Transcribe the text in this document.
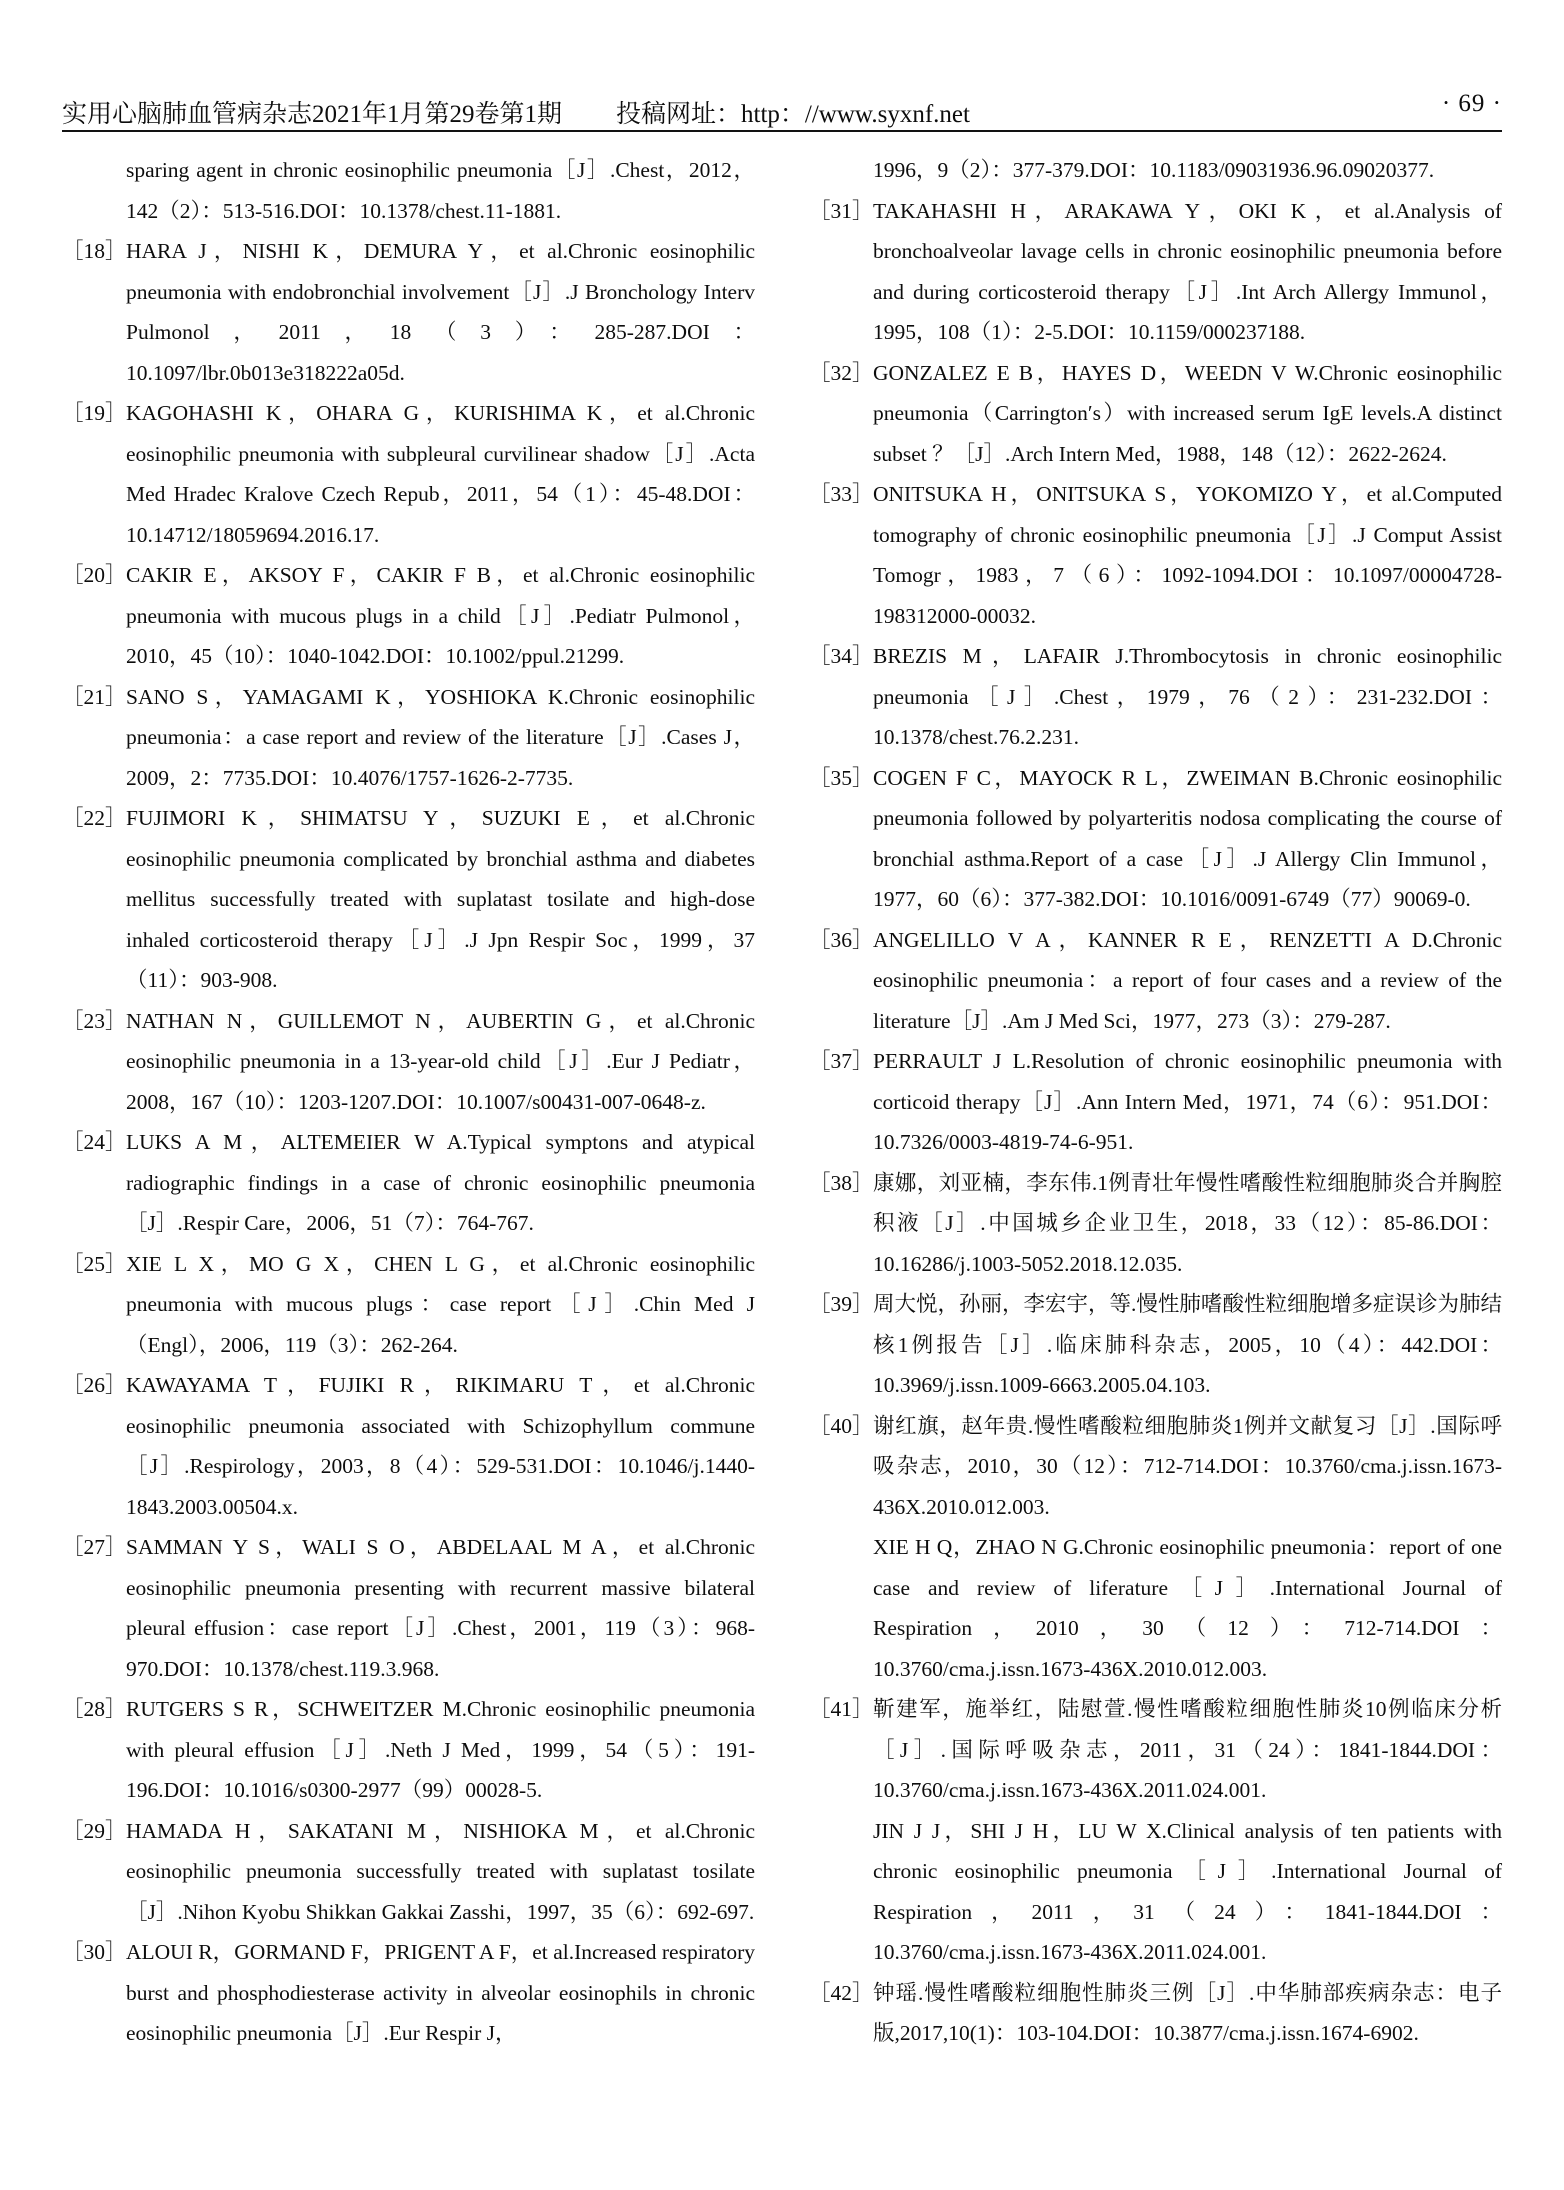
实用心脑肺血管病杂志2021年1月第29卷第1期 投稿网址：http：//www.syxnf.net	· 69 ·
sparing agent in chronic eosinophilic pneumonia［J］.Chest，2012，142（2）：513-516.DOI：10.1378/chest.11-1881.
［18］ HARA J，NISHI K，DEMURA Y，et al.Chronic eosinophilic pneumonia with endobronchial involvement［J］.J Bronchology Interv Pulmonol，2011，18（3）：285-287.DOI：10.1097/lbr.0b013e318222a05d.
［19］ KAGOHASHI K，OHARA G，KURISHIMA K，et al.Chronic eosinophilic pneumonia with subpleural curvilinear shadow［J］.Acta Med Hradec Kralove Czech Repub，2011，54（1）：45-48.DOI：10.14712/18059694.2016.17.
［20］ CAKIR E，AKSOY F，CAKIR F B，et al.Chronic eosinophilic pneumonia with mucous plugs in a child［J］.Pediatr Pulmonol，2010，45（10）：1040-1042.DOI：10.1002/ppul.21299.
［21］ SANO S，YAMAGAMI K，YOSHIOKA K.Chronic eosinophilic pneumonia：a case report and review of the literature［J］.Cases J，2009，2：7735.DOI：10.4076/1757-1626-2-7735.
［22］ FUJIMORI K，SHIMATSU Y，SUZUKI E，et al.Chronic eosinophilic pneumonia complicated by bronchial asthma and diabetes mellitus successfully treated with suplatast tosilate and high-dose inhaled corticosteroid therapy［J］.J Jpn Respir Soc，1999，37（11）：903-908.
［23］ NATHAN N，GUILLEMOT N，AUBERTIN G，et al.Chronic eosinophilic pneumonia in a 13-year-old child［J］.Eur J Pediatr，2008，167（10）：1203-1207.DOI：10.1007/s00431-007-0648-z.
［24］ LUKS A M，ALTEMEIER W A.Typical symptons and atypical radiographic findings in a case of chronic eosinophilic pneumonia［J］.Respir Care，2006，51（7）：764-767.
［25］ XIE L X，MO G X，CHEN L G，et al.Chronic eosinophilic pneumonia with mucous plugs：case report［J］.Chin Med J（Engl），2006，119（3）：262-264.
［26］ KAWAYAMA T，FUJIKI R，RIKIMARU T，et al.Chronic eosinophilic pneumonia associated with Schizophyllum commune［J］.Respirology，2003，8（4）：529-531.DOI：10.1046/j.1440-1843.2003.00504.x.
［27］ SAMMAN Y S，WALI S O，ABDELAAL M A，et al.Chronic eosinophilic pneumonia presenting with recurrent massive bilateral pleural effusion：case report［J］.Chest，2001，119（3）：968-970.DOI：10.1378/chest.119.3.968.
［28］ RUTGERS S R，SCHWEITZER M.Chronic eosinophilic pneumonia with pleural effusion［J］.Neth J Med，1999，54（5）：191-196.DOI：10.1016/s0300-2977（99）00028-5.
［29］ HAMADA H，SAKATANI M，NISHIOKA M，et al.Chronic eosinophilic pneumonia successfully treated with suplatast tosilate［J］.Nihon Kyobu Shikkan Gakkai Zasshi，1997，35（6）：692-697.
［30］ ALOUI R，GORMAND F，PRIGENT A F，et al.Increased respiratory burst and phosphodiesterase activity in alveolar eosinophils in chronic eosinophilic pneumonia［J］.Eur Respir J，
1996，9（2）：377-379.DOI：10.1183/09031936.96.09020377.
［31］ TAKAHASHI H，ARAKAWA Y，OKI K，et al.Analysis of bronchoalveolar lavage cells in chronic eosinophilic pneumonia before and during corticosteroid therapy［J］.Int Arch Allergy Immunol，1995，108（1）：2-5.DOI：10.1159/000237188.
［32］ GONZALEZ E B，HAYES D，WEEDN V W.Chronic eosinophilic pneumonia（Carrington′s）with increased serum IgE levels.A distinct subset ？［J］.Arch Intern Med，1988，148（12）：2622-2624.
［33］ ONITSUKA H，ONITSUKA S，YOKOMIZO Y，et al.Computed tomography of chronic eosinophilic pneumonia［J］.J Comput Assist Tomogr，1983，7（6）：1092-1094.DOI：10.1097/00004728-198312000-00032.
［34］ BREZIS M，LAFAIR J.Thrombocytosis in chronic eosinophilic pneumonia［J］.Chest，1979，76（2）：231-232.DOI：10.1378/chest.76.2.231.
［35］ COGEN F C，MAYOCK R L，ZWEIMAN B.Chronic eosinophilic pneumonia followed by polyarteritis nodosa complicating the course of bronchial asthma.Report of a case［J］.J Allergy Clin Immunol，1977，60（6）：377-382.DOI：10.1016/0091-6749（77）90069-0.
［36］ ANGELILLO V A，KANNER R E，RENZETTI A D.Chronic eosinophilic pneumonia：a report of four cases and a review of the literature［J］.Am J Med Sci，1977，273（3）：279-287.
［37］ PERRAULT J L.Resolution of chronic eosinophilic pneumonia with corticoid therapy［J］.Ann Intern Med，1971，74（6）：951.DOI：10.7326/0003-4819-74-6-951.
［38］ 康娜，刘亚楠，李东伟.1例青壮年慢性嗜酸性粒细胞肺炎合并胸腔积液［J］.中国城乡企业卫生，2018，33（12）：85-86.DOI：10.16286/j.1003-5052.2018.12.035.
［39］ 周大悦，孙丽，李宏宇，等.慢性肺嗜酸性粒细胞增多症误诊为肺结核1例报告［J］.临床肺科杂志，2005，10（4）：442.DOI：10.3969/j.issn.1009-6663.2005.04.103.
［40］ 谢红旗，赵年贵.慢性嗜酸粒细胞肺炎1例并文献复习［J］.国际呼吸杂志，2010，30（12）：712-714.DOI：10.3760/cma.j.issn.1673-436X.2010.012.003.
XIE H Q，ZHAO N G.Chronic eosinophilic pneumonia：report of one case and review of liferature［J］.International Journal of Respiration，2010，30（12）：712-714.DOI：10.3760/cma.j.issn.1673-436X.2010.012.003.
［41］ 靳建军，施举红，陆慰萱.慢性嗜酸粒细胞性肺炎10例临床分析［J］.国际呼吸杂志，2011，31（24）：1841-1844.DOI：10.3760/cma.j.issn.1673-436X.2011.024.001.
JIN J J，SHI J H，LU W X.Clinical analysis of ten patients with chronic eosinophilic pneumonia［J］.International Journal of Respiration，2011，31（24）：1841-1844.DOI：10.3760/cma.j.issn.1673-436X.2011.024.001.
［42］ 钟瑶.慢性嗜酸粒细胞性肺炎三例［J］.中华肺部疾病杂志：电子版,2017,10(1)：103-104.DOI：10.3877/cma.j.issn.1674-6902.
